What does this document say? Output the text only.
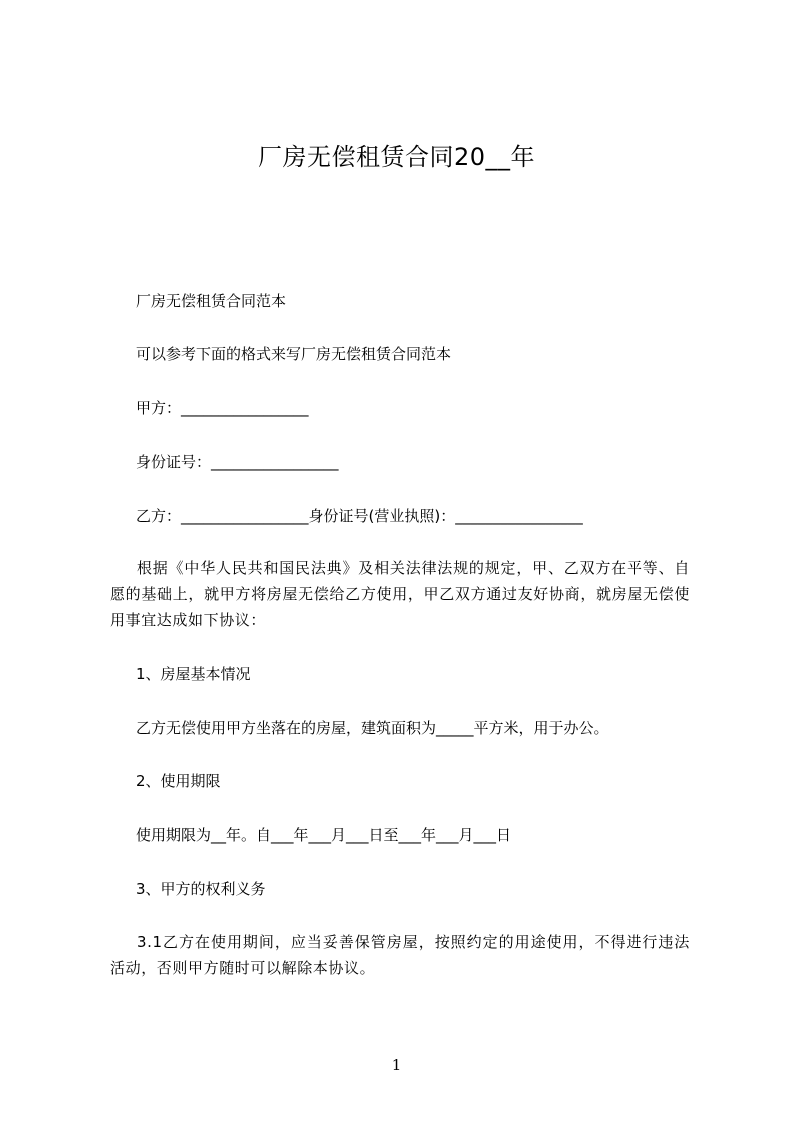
厂房无偿租赁合同20__年
厂房无偿租赁合同范本
可以参考下面的格式来写厂房无偿租赁合同范本
甲方：_________________
身份证号：_________________
乙方：_________________身份证号(营业执照)：_________________
根据《中华人民共和国民法典》及相关法律法规的规定，甲、乙双方在平等、自愿的基础上，就甲方将房屋无偿给乙方使用，甲乙双方通过友好协商，就房屋无偿使用事宜达成如下协议：
1、房屋基本情况
乙方无偿使用甲方坐落在的房屋，建筑面积为_____平方米，用于办公。
2、使用期限
使用期限为__年。自___年___月___日至___年___月___日
3、甲方的权利义务
3.1乙方在使用期间，应当妥善保管房屋，按照约定的用途使用，不得进行违法活动，否则甲方随时可以解除本协议。
1
